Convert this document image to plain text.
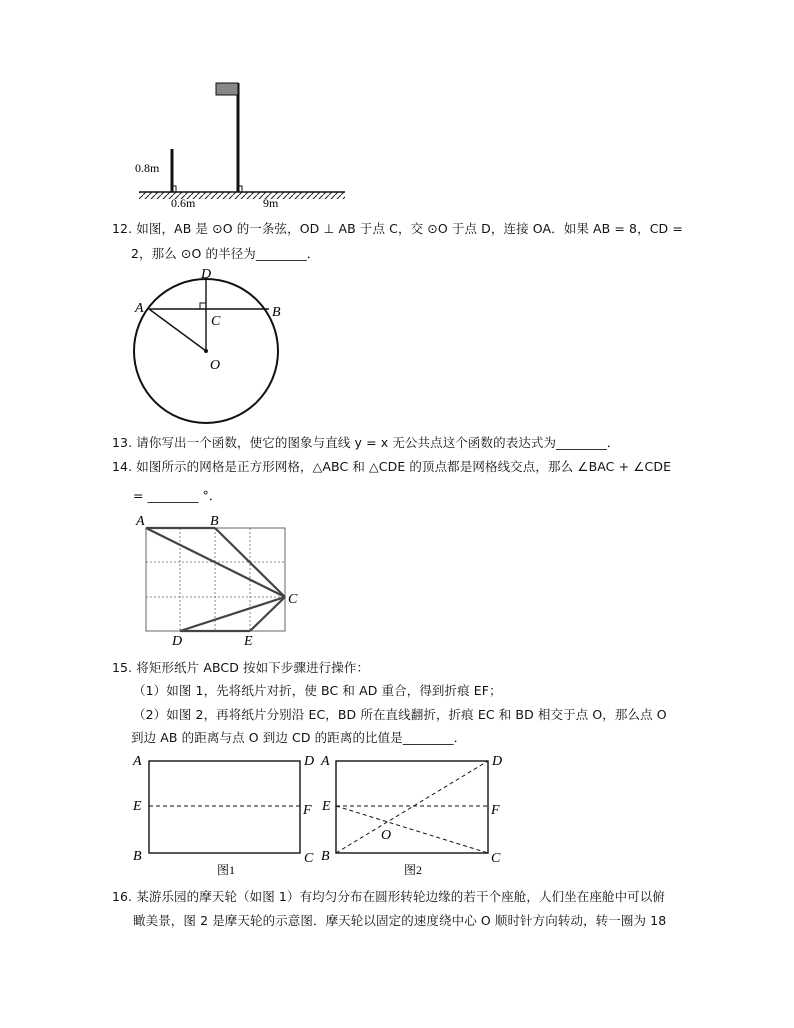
0.8m
0.6m	9m
12. 如图，AB 是 ⊙O 的一条弦，OD ⊥ AB 于点 C，交 ⊙O 于点 D，连接 OA．如果 AB = 8，CD =
2，那么 ⊙O 的半径为________．
A	B
D
C
O
13. 请你写出一个函数，使它的图象与直线 y = x 无公共点这个函数的表达式为________．
14. 如图所示的网格是正方形网格，△ABC 和 △CDE 的顶点都是网格线交点，那么 ∠BAC + ∠CDE
= ________ °．
A	B
C
D	E
15. 将矩形纸片 ABCD 按如下步骤进行操作：
（1）如图 1，先将纸片对折，使 BC 和 AD 重合，得到折痕 EF；
（2）如图 2，再将纸片分别沿 EC，BD 所在直线翻折，折痕 EC 和 BD 相交于点 O，那么点 O
到边 AB 的距离与点 O 到边 CD 的距离的比值是________．
A	D
E	F
B	C
图1
A	D
E	F
O
B	C
图2
16. 某游乐园的摩天轮（如图 1）有均匀分布在圆形转轮边缘的若干个座舱，人们坐在座舱中可以俯
瞰美景，图 2 是摩天轮的示意图．摩天轮以固定的速度绕中心 O 顺时针方向转动，转一圈为 18
